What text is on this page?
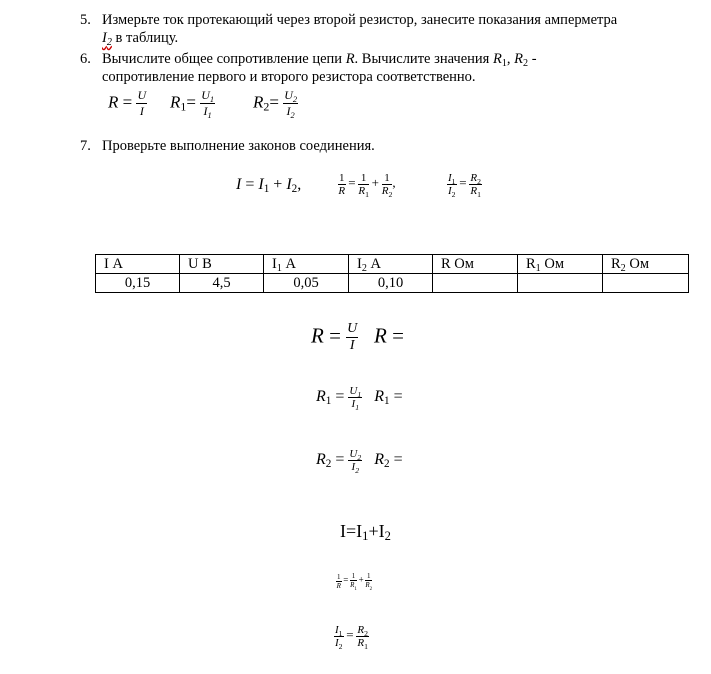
5. Измерьте ток протекающий через второй резистор, занесите показания амперметра
$I_2$ в таблицу.
6. Вычислите общее сопротивление цепи R. Вычислите значения $R_1$, $R_2$ -
сопротивление первого и второго резистора соответственно.
$R = \frac{U}{I} R_1= \frac{U_1}{I_1} R_2= \frac{U_2}{I_2}$
7. Проверьте выполнение законов соединения.
$I = I_1 + I_2$,	$\frac{1}{R} = \frac{1}{R_1} + \frac{1}{R_2}$ ,	$\frac{I_1}{I_2} = \frac{R_2}{R_1}$
I А	U В	$I_1$ А	$I_2$ А	R Ом	$R_1$ Ом	$R_2$ Ом
0,15	4,5	0,05	0,10			
$R = \frac{U}{I}$ R =
$R_1 = \frac{U_1}{I_1} R_1$ =
$R_2 = \frac{U_2}{I_2} R_2$ =
$I=I_1+I_2$
$\frac{1}{R} = \frac{1}{R_1} + \frac{1}{R_2}$
$\frac{I_1}{I_2} = \frac{R_2}{R_1}$
